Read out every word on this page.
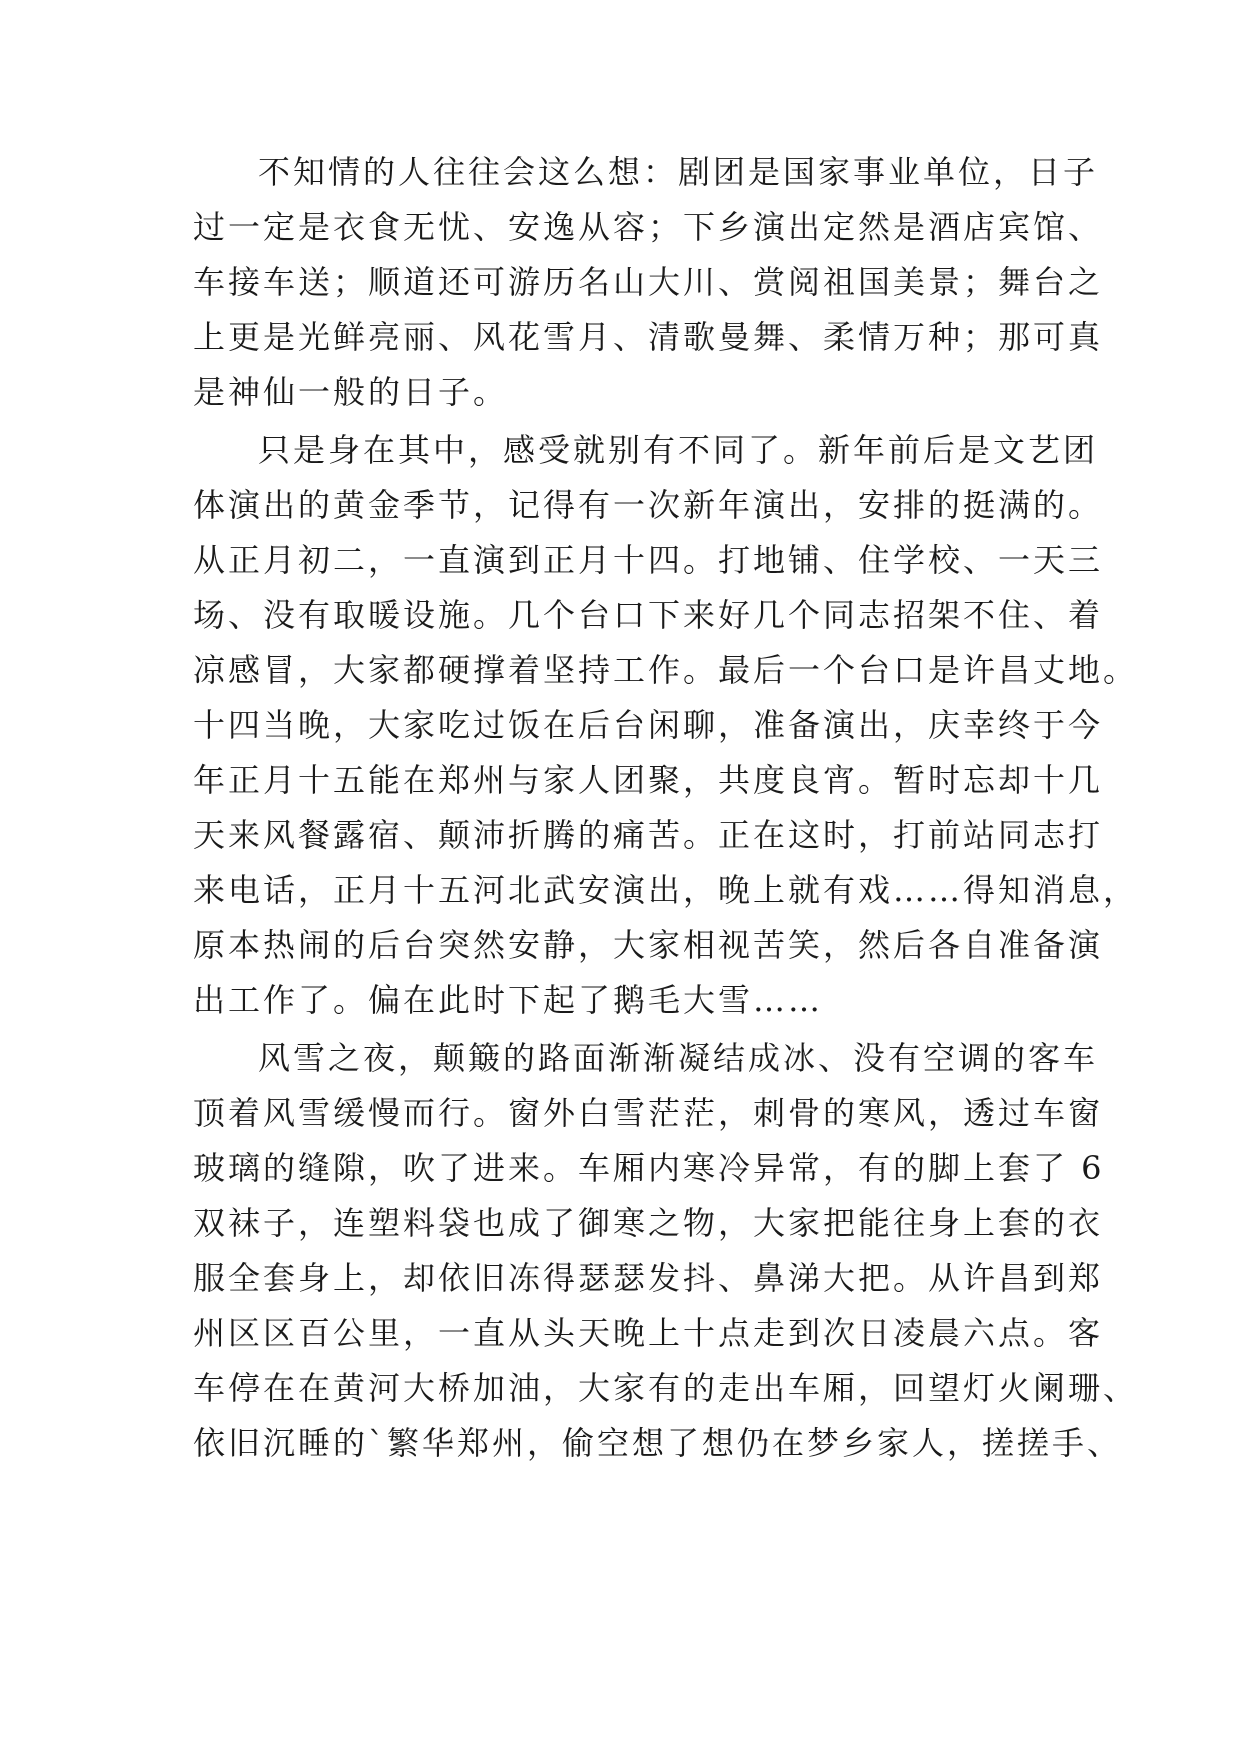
不知情的人往往会这么想：剧团是国家事业单位，日子
过一定是衣食无忧、安逸从容；下乡演出定然是酒店宾馆、
车接车送；顺道还可游历名山大川、赏阅祖国美景；舞台之
上更是光鲜亮丽、风花雪月、清歌曼舞、柔情万种；那可真
是神仙一般的日子。
只是身在其中，感受就别有不同了。新年前后是文艺团
体演出的黄金季节，记得有一次新年演出，安排的挺满的。
从正月初二，一直演到正月十四。打地铺、住学校、一天三
场、没有取暖设施。几个台口下来好几个同志招架不住、着
凉感冒，大家都硬撑着坚持工作。最后一个台口是许昌丈地。
十四当晚，大家吃过饭在后台闲聊，准备演出，庆幸终于今
年正月十五能在郑州与家人团聚，共度良宵。暂时忘却十几
天来风餐露宿、颠沛折腾的痛苦。正在这时，打前站同志打
来电话，正月十五河北武安演出，晚上就有戏……得知消息，
原本热闹的后台突然安静，大家相视苦笑，然后各自准备演
出工作了。偏在此时下起了鹅毛大雪……
风雪之夜，颠簸的路面渐渐凝结成冰、没有空调的客车
顶着风雪缓慢而行。窗外白雪茫茫，刺骨的寒风，透过车窗
玻璃的缝隙，吹了进来。车厢内寒冷异常，有的脚上套了 6
双袜子，连塑料袋也成了御寒之物，大家把能往身上套的衣
服全套身上，却依旧冻得瑟瑟发抖、鼻涕大把。从许昌到郑
州区区百公里，一直从头天晚上十点走到次日凌晨六点。客
车停在在黄河大桥加油，大家有的走出车厢，回望灯火阑珊、
依旧沉睡的`繁华郑州，偷空想了想仍在梦乡家人，搓搓手、
